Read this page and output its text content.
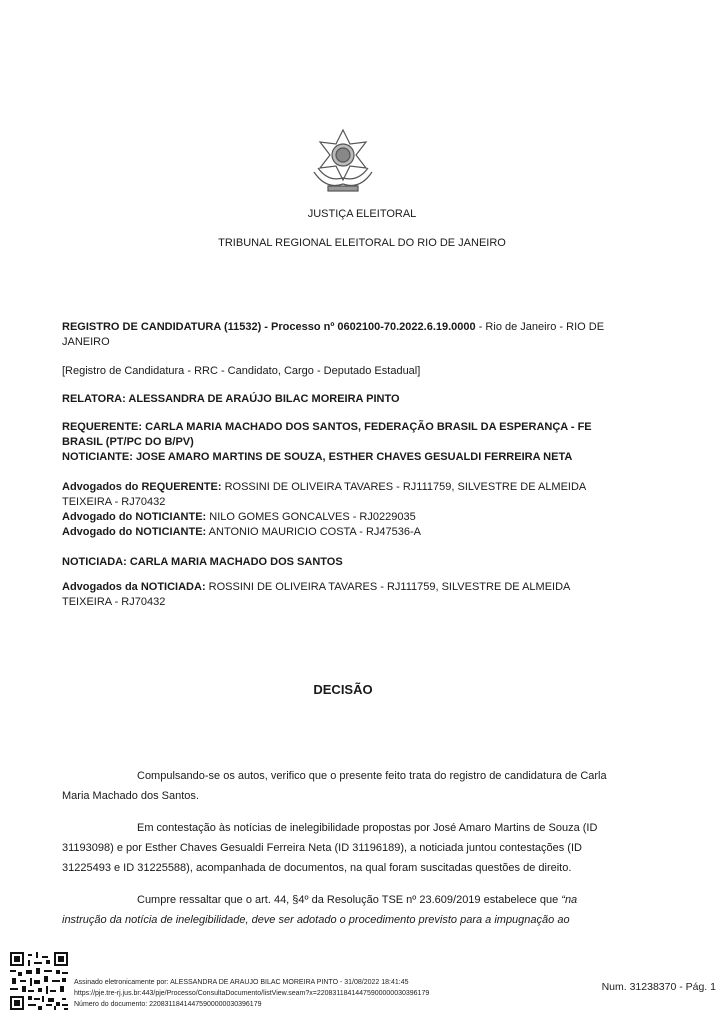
JUSTIÇA ELEITORAL
TRIBUNAL REGIONAL ELEITORAL DO RIO DE JANEIRO
REGISTRO DE CANDIDATURA (11532) - Processo nº 0602100-70.2022.6.19.0000 - Rio de Janeiro - RIO DE
JANEIRO
[Registro de Candidatura - RRC - Candidato, Cargo - Deputado Estadual]
RELATORA: ALESSANDRA DE ARAÚJO BILAC MOREIRA PINTO
REQUERENTE: CARLA MARIA MACHADO DOS SANTOS, FEDERAÇÃO BRASIL DA ESPERANÇA - FE
BRASIL (PT/PC DO B/PV)
NOTICIANTE: JOSE AMARO MARTINS DE SOUZA, ESTHER CHAVES GESUALDI FERREIRA NETA
Advogados do REQUERENTE: ROSSINI DE OLIVEIRA TAVARES - RJ111759, SILVESTRE DE ALMEIDA
TEIXEIRA - RJ70432
Advogado do NOTICIANTE: NILO GOMES GONCALVES - RJ0229035
Advogado do NOTICIANTE: ANTONIO MAURICIO COSTA - RJ47536-A
NOTICIADA: CARLA MARIA MACHADO DOS SANTOS
Advogados da NOTICIADA: ROSSINI DE OLIVEIRA TAVARES - RJ111759, SILVESTRE DE ALMEIDA
TEIXEIRA - RJ70432
DECISÃO
Compulsando-se os autos, verifico que o presente feito trata do registro de candidatura de Carla
Maria Machado dos Santos.
Em contestação às notícias de inelegibilidade propostas por José Amaro Martins de Souza (ID
31193098) e por Esther Chaves Gesualdi Ferreira Neta (ID 31196189), a noticiada juntou contestações (ID
31225493 e ID 31225588), acompanhada de documentos, na qual foram suscitadas questões de direito.
Cumpre ressaltar que o art. 44, §4º da Resolução TSE nº 23.609/2019 estabelece que “na
instrução da notícia de inelegibilidade, deve ser adotado o procedimento previsto para a impugnação ao
Assinado eletronicamente por: ALESSANDRA DE ARAUJO BILAC MOREIRA PINTO - 31/08/2022 18:41:45
https://pje.tre-rj.jus.br:443/pje/Processo/ConsultaDocumento/listView.seam?x=22083118414475900000030396179
Número do documento: 22083118414475900000030396179
Num. 31238370 - Pág. 1
